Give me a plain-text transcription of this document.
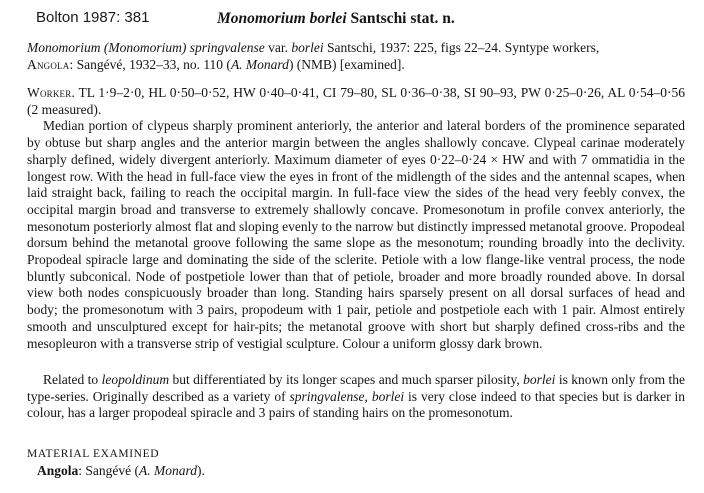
Bolton 1987: 381	Monomorium borlei Santschi stat. n.
Monomorium (Monomorium) springvalense var. borlei Santschi, 1937: 225, figs 22–24. Syntype workers,
Angola: Sangévé, 1932–33, no. 110 (A. Monard) (NMB) [examined].

Worker. TL 1·9–2·0, HL 0·50–0·52, HW 0·40–0·41, CI 79–80, SL 0·36–0·38, SI 90–93, PW 0·25–0·26, AL 0·54–0·56 (2 measured).

Median portion of clypeus sharply prominent anteriorly, the anterior and lateral borders of the prominence separated by obtuse but sharp angles and the anterior margin between the angles shallowly concave. Clypeal carinae moderately sharply defined, widely divergent anteriorly. Maximum diameter of eyes 0·22–0·24 × HW and with 7 ommatidia in the longest row. With the head in full-face view the eyes in front of the midlength of the sides and the antennal scapes, when laid straight back, failing to reach the occipital margin. In full-face view the sides of the head very feebly convex, the occipital margin broad and transverse to extremely shallowly concave. Promesonotum in profile convex anteriorly, the mesonotum posteriorly almost flat and sloping evenly to the narrow but distinctly impressed metanotal groove. Propodeal dorsum behind the metanotal groove following the same slope as the mesonotum; rounding broadly into the declivity. Propodeal spiracle large and dominating the side of the sclerite. Petiole with a low flange-like ventral process, the node bluntly subconical. Node of postpetiole lower than that of petiole, broader and more broadly rounded above. In dorsal view both nodes conspicuously broader than long. Standing hairs sparsely present on all dorsal surfaces of head and body; the promesonotum with 3 pairs, propodeum with 1 pair, petiole and postpetiole each with 1 pair. Almost entirely smooth and unsculptured except for hair-pits; the metanotal groove with short but sharply defined cross-ribs and the mesopleuron with a transverse strip of vestigial sculpture. Colour a uniform glossy dark brown.

Related to leopoldinum but differentiated by its longer scapes and much sparser pilosity, borlei is known only from the type-series. Originally described as a variety of springvalense, borlei is very close indeed to that species but is darker in colour, has a larger propodeal spiracle and 3 pairs of standing hairs on the promesonotum.
MATERIAL EXAMINED
Angola: Sangévé (A. Monard).
